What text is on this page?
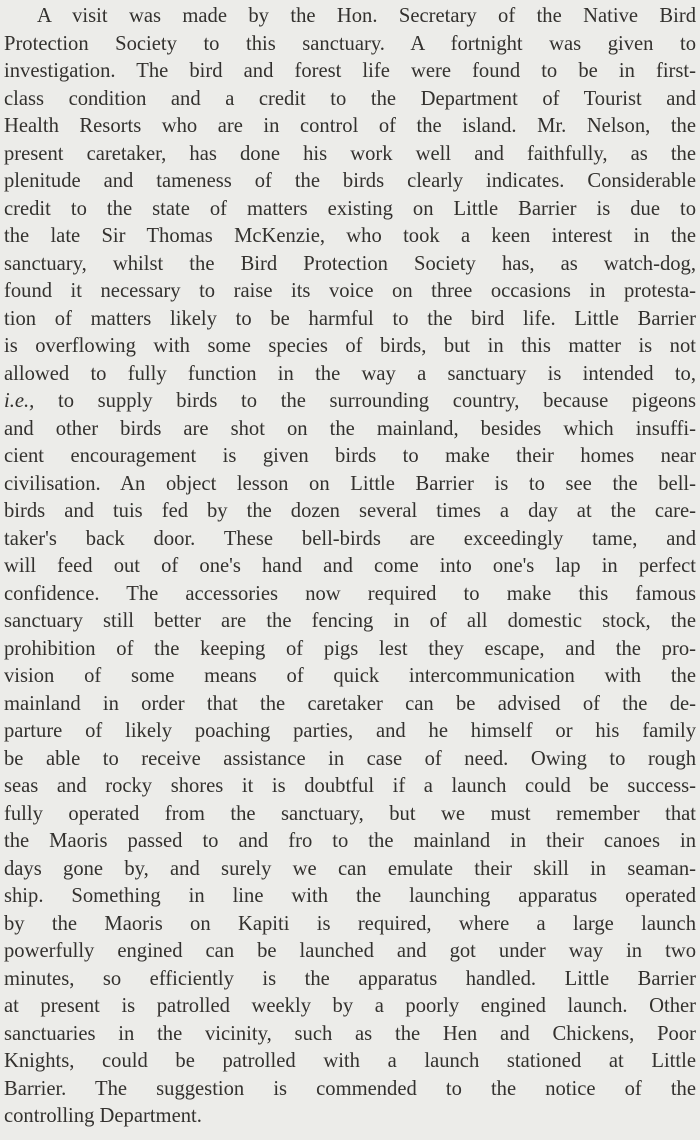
A visit was made by the Hon. Secretary of the Native Bird
Protection Society to this sanctuary. A fortnight was given to
investigation. The bird and forest life were found to be in first-
class condition and a credit to the Department of Tourist and
Health Resorts who are in control of the island. Mr. Nelson, the
present caretaker, has done his work well and faithfully, as the
plenitude and tameness of the birds clearly indicates. Considerable
credit to the state of matters existing on Little Barrier is due to
the late Sir Thomas McKenzie, who took a keen interest in the
sanctuary, whilst the Bird Protection Society has, as watch-dog,
found it necessary to raise its voice on three occasions in protesta-
tion of matters likely to be harmful to the bird life. Little Barrier
is overflowing with some species of birds, but in this matter is not
allowed to fully function in the way a sanctuary is intended to,
i.e., to supply birds to the surrounding country, because pigeons
and other birds are shot on the mainland, besides which insuffi-
cient encouragement is given birds to make their homes near
civilisation. An object lesson on Little Barrier is to see the bell-
birds and tuis fed by the dozen several times a day at the care-
taker's back door. These bell-birds are exceedingly tame, and
will feed out of one's hand and come into one's lap in perfect
confidence. The accessories now required to make this famous
sanctuary still better are the fencing in of all domestic stock, the
prohibition of the keeping of pigs lest they escape, and the pro-
vision of some means of quick intercommunication with the
mainland in order that the caretaker can be advised of the de-
parture of likely poaching parties, and he himself or his family
be able to receive assistance in case of need. Owing to rough
seas and rocky shores it is doubtful if a launch could be success-
fully operated from the sanctuary, but we must remember that
the Maoris passed to and fro to the mainland in their canoes in
days gone by, and surely we can emulate their skill in seaman-
ship. Something in line with the launching apparatus operated
by the Maoris on Kapiti is required, where a large launch
powerfully engined can be launched and got under way in two
minutes, so efficiently is the apparatus handled. Little Barrier
at present is patrolled weekly by a poorly engined launch. Other
sanctuaries in the vicinity, such as the Hen and Chickens, Poor
Knights, could be patrolled with a launch stationed at Little
Barrier. The suggestion is commended to the notice of the
controlling Department.
